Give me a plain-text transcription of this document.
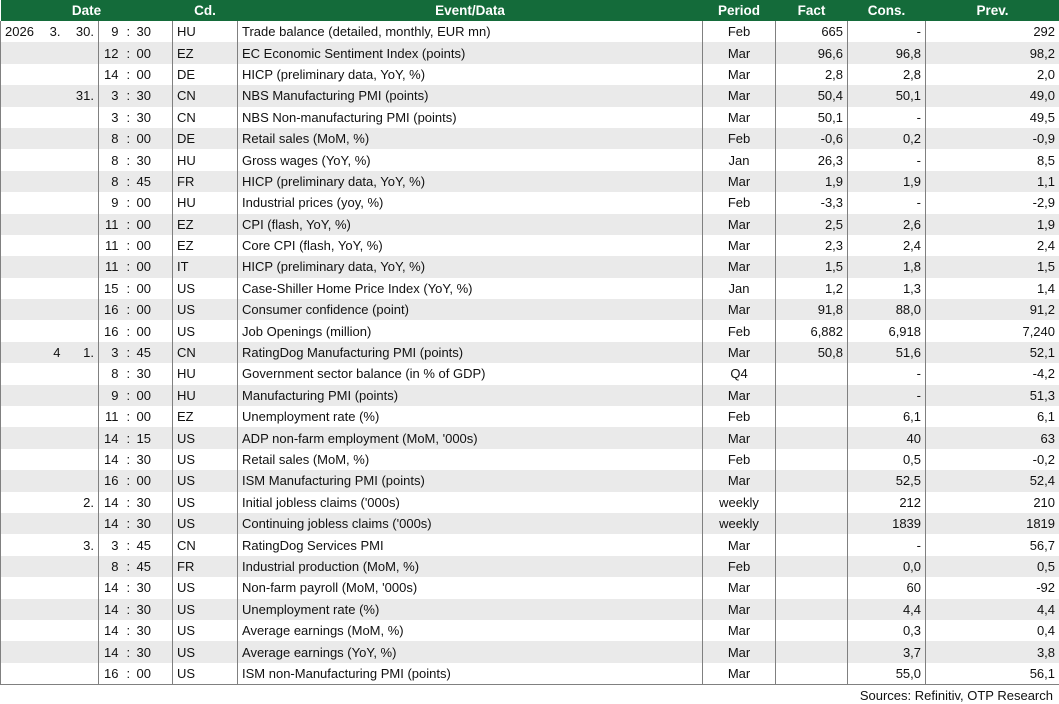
Date						Cd.	Event/Data	Period	Fact	Cons.	Prev.
2026	3.	30.	9	:	30	HU	Trade balance (detailed, monthly, EUR mn)	Feb	665	-	292
			12	:	00	EZ	EC Economic Sentiment Index (points)	Mar	96,6	96,8	98,2
			14	:	00	DE	HICP (preliminary data, YoY, %)	Mar	2,8	2,8	2,0
		31.	3	:	30	CN	NBS Manufacturing PMI (points)	Mar	50,4	50,1	49,0
			3	:	30	CN	NBS Non-manufacturing PMI (points)	Mar	50,1	-	49,5
			8	:	00	DE	Retail sales (MoM, %)	Feb	-0,6	0,2	-0,9
			8	:	30	HU	Gross wages (YoY, %)	Jan	26,3	-	8,5
			8	:	45	FR	HICP (preliminary data, YoY, %)	Mar	1,9	1,9	1,1
			9	:	00	HU	Industrial prices (yoy, %)	Feb	-3,3	-	-2,9
			11	:	00	EZ	CPI (flash, YoY, %)	Mar	2,5	2,6	1,9
			11	:	00	EZ	Core CPI (flash, YoY, %)	Mar	2,3	2,4	2,4
			11	:	00	IT	HICP (preliminary data, YoY, %)	Mar	1,5	1,8	1,5
			15	:	00	US	Case-Shiller Home Price Index (YoY, %)	Jan	1,2	1,3	1,4
			16	:	00	US	Consumer confidence (point)	Mar	91,8	88,0	91,2
			16	:	00	US	Job Openings (million)	Feb	6,882	6,918	7,240
	4	1.	3	:	45	CN	RatingDog Manufacturing PMI (points)	Mar	50,8	51,6	52,1
			8	:	30	HU	Government sector balance (in % of GDP)	Q4		-	-4,2
			9	:	00	HU	Manufacturing PMI (points)	Mar		-	51,3
			11	:	00	EZ	Unemployment rate (%)	Feb		6,1	6,1
			14	:	15	US	ADP non-farm employment (MoM, '000s)	Mar		40	63
			14	:	30	US	Retail sales (MoM, %)	Feb		0,5	-0,2
			16	:	00	US	ISM Manufacturing PMI (points)	Mar		52,5	52,4
		2.	14	:	30	US	Initial jobless claims ('000s)	weekly		212	210
			14	:	30	US	Continuing jobless claims ('000s)	weekly		1839	1819
		3.	3	:	45	CN	RatingDog Services PMI	Mar		-	56,7
			8	:	45	FR	Industrial production (MoM, %)	Feb		0,0	0,5
			14	:	30	US	Non-farm payroll (MoM, '000s)	Mar		60	-92
			14	:	30	US	Unemployment rate (%)	Mar		4,4	4,4
			14	:	30	US	Average earnings (MoM, %)	Mar		0,3	0,4
			14	:	30	US	Average earnings (YoY, %)	Mar		3,7	3,8
			16	:	00	US	ISM non-Manufacturing PMI (points)	Mar		55,0	56,1
Sources: Refinitiv, OTP Research
